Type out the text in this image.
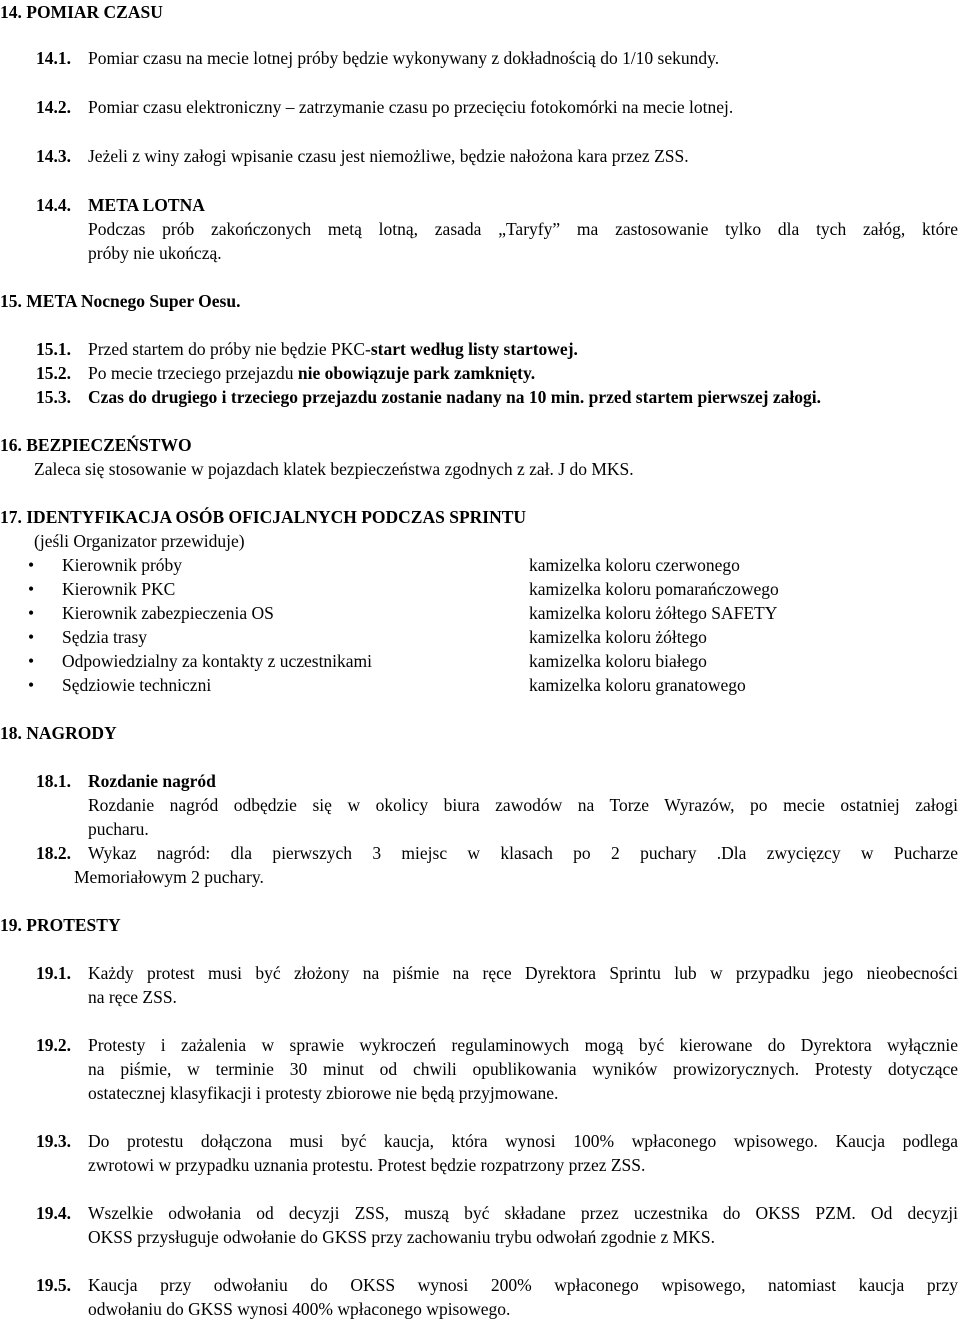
14. POMIAR CZASU
14.1. Pomiar czasu na mecie lotnej próby będzie wykonywany z dokładnością do 1/10 sekundy.
14.2. Pomiar czasu elektroniczny – zatrzymanie czasu po przecięciu fotokomórki na mecie lotnej.
14.3. Jeżeli z winy załogi wpisanie czasu jest niemożliwe, będzie nałożona kara przez ZSS.
14.4. META LOTNA
Podczas prób zakończonych metą lotną, zasada „Taryfy” ma zastosowanie tylko dla tych załóg, które
próby nie ukończą.
15. META Nocnego Super Oesu.
15.1. Przed startem do próby nie będzie PKC-start według listy startowej.
15.2. Po mecie trzeciego przejazdu nie obowiązuje park zamknięty.
15.3. Czas do drugiego i trzeciego przejazdu zostanie nadany na 10 min. przed startem pierwszej załogi.
16. BEZPIECZEŃSTWO
Zaleca się stosowanie w pojazdach klatek bezpieczeństwa zgodnych z zał. J do MKS.
17. IDENTYFIKACJA OSÓB OFICJALNYCH PODCZAS SPRINTU
(jeśli Organizator przewiduje)
• Kierownik próby	kamizelka koloru czerwonego
• Kierownik PKC	kamizelka koloru pomarańczowego
• Kierownik zabezpieczenia OS	kamizelka koloru żółtego SAFETY
• Sędzia trasy	kamizelka koloru żółtego
• Odpowiedzialny za kontakty z uczestnikami	kamizelka koloru białego
• Sędziowie techniczni	kamizelka koloru granatowego
18. NAGRODY
18.1. Rozdanie nagród
Rozdanie nagród odbędzie się w okolicy biura zawodów na Torze Wyrazów, po mecie ostatniej załogi
pucharu.
18.2. Wykaz nagród: dla pierwszych 3 miejsc w klasach po 2 puchary .Dla zwycięzcy w Pucharze
Memoriałowym 2 puchary.
19. PROTESTY
19.1. Każdy protest musi być złożony na piśmie na ręce Dyrektora Sprintu lub w przypadku jego nieobecności
na ręce ZSS.
19.2. Protesty i zażalenia w sprawie wykroczeń regulaminowych mogą być kierowane do Dyrektora wyłącznie
na piśmie, w terminie 30 minut od chwili opublikowania wyników prowizorycznych. Protesty dotyczące
ostatecznej klasyfikacji i protesty zbiorowe nie będą przyjmowane.
19.3. Do protestu dołączona musi być kaucja, która wynosi 100% wpłaconego wpisowego. Kaucja podlega
zwrotowi w przypadku uznania protestu. Protest będzie rozpatrzony przez ZSS.
19.4. Wszelkie odwołania od decyzji ZSS, muszą być składane przez uczestnika do OKSS PZM. Od decyzji
OKSS przysługuje odwołanie do GKSS przy zachowaniu trybu odwołań zgodnie z MKS.
19.5. Kaucja przy odwołaniu do OKSS wynosi 200% wpłaconego wpisowego, natomiast kaucja przy
odwołaniu do GKSS wynosi 400% wpłaconego wpisowego.
